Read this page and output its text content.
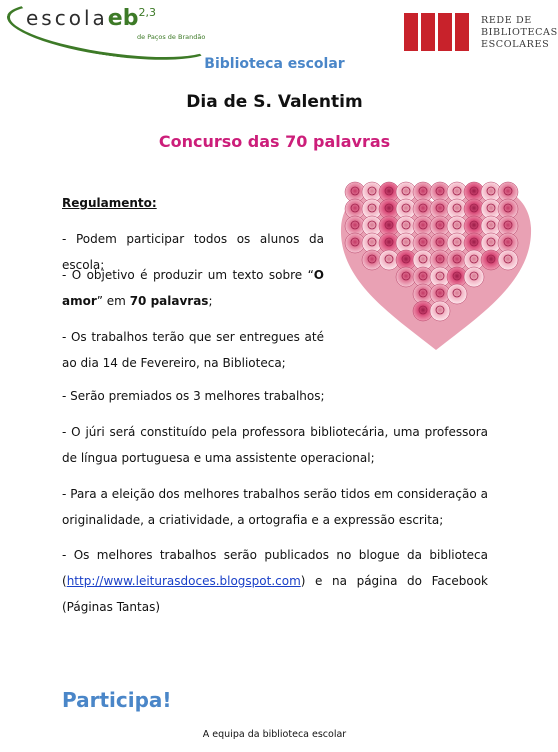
escolaeb$^{2,3}$
de Paços de Brandão
REDE DE
BIBLIOTECAS
ESCOLARES
Biblioteca escolar
Dia de S. Valentim
Concurso das 70 palavras
Regulamento:
- Podem participar todos os alunos da escola;
- O objetivo é produzir um texto sobre “O amor” em 70 palavras;
- Os trabalhos terão que ser entregues até ao dia 14 de Fevereiro, na Biblioteca;
- Serão premiados os 3 melhores trabalhos;
- O júri será constituído pela professora bibliotecária, uma professora de língua portuguesa e uma assistente operacional;
- Para a eleição dos melhores trabalhos serão tidos em consideração a originalidade, a criatividade, a ortografia e a expressão escrita;
- Os melhores trabalhos serão publicados no blogue da biblioteca (http://www.leiturasdoces.blogspot.com) e na página do Facebook (Páginas Tantas)
Participa!
A equipa da biblioteca escolar
